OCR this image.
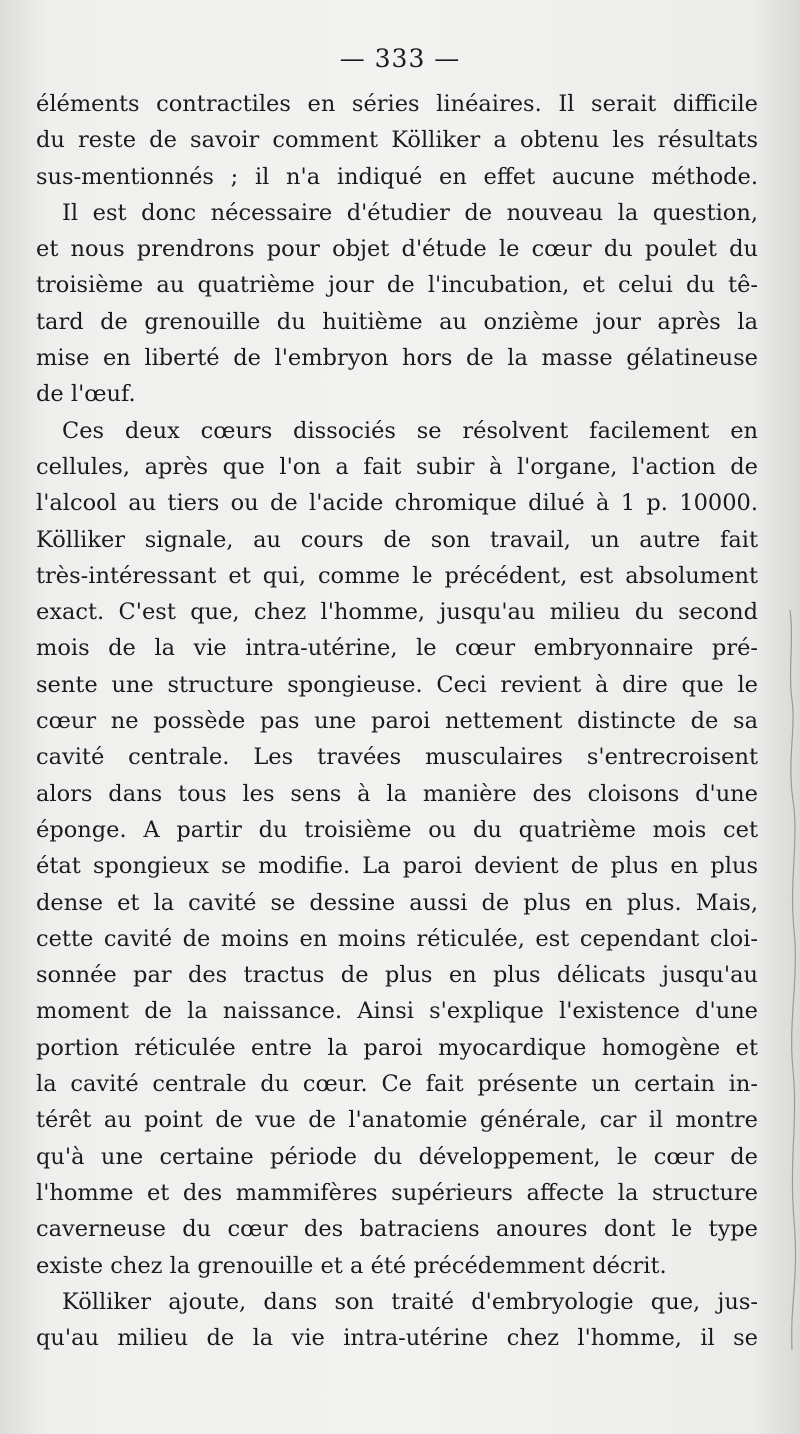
— 333 —
éléments contractiles en séries linéaires. Il serait difficile
du reste de savoir comment Kölliker a obtenu les résultats
sus-mentionnés ; il n'a indiqué en effet aucune méthode.
Il est donc nécessaire d'étudier de nouveau la question,
et nous prendrons pour objet d'étude le cœur du poulet du
troisième au quatrième jour de l'incubation, et celui du tê-
tard de grenouille du huitième au onzième jour après la
mise en liberté de l'embryon hors de la masse gélatineuse
de l'œuf.
Ces deux cœurs dissociés se résolvent facilement en
cellules, après que l'on a fait subir à l'organe, l'action de
l'alcool au tiers ou de l'acide chromique dilué à 1 p. 10000.
Kölliker signale, au cours de son travail, un autre fait
très-intéressant et qui, comme le précédent, est absolument
exact. C'est que, chez l'homme, jusqu'au milieu du second
mois de la vie intra-utérine, le cœur embryonnaire pré-
sente une structure spongieuse. Ceci revient à dire que le
cœur ne possède pas une paroi nettement distincte de sa
cavité centrale. Les travées musculaires s'entrecroisent
alors dans tous les sens à la manière des cloisons d'une
éponge. A partir du troisième ou du quatrième mois cet
état spongieux se modifie. La paroi devient de plus en plus
dense et la cavité se dessine aussi de plus en plus. Mais,
cette cavité de moins en moins réticulée, est cependant cloi-
sonnée par des tractus de plus en plus délicats jusqu'au
moment de la naissance. Ainsi s'explique l'existence d'une
portion réticulée entre la paroi myocardique homogène et
la cavité centrale du cœur. Ce fait présente un certain in-
térêt au point de vue de l'anatomie générale, car il montre
qu'à une certaine période du développement, le cœur de
l'homme et des mammifères supérieurs affecte la structure
caverneuse du cœur des batraciens anoures dont le type
existe chez la grenouille et a été précédemment décrit.
Kölliker ajoute, dans son traité d'embryologie que, jus-
qu'au milieu de la vie intra-utérine chez l'homme, il se
